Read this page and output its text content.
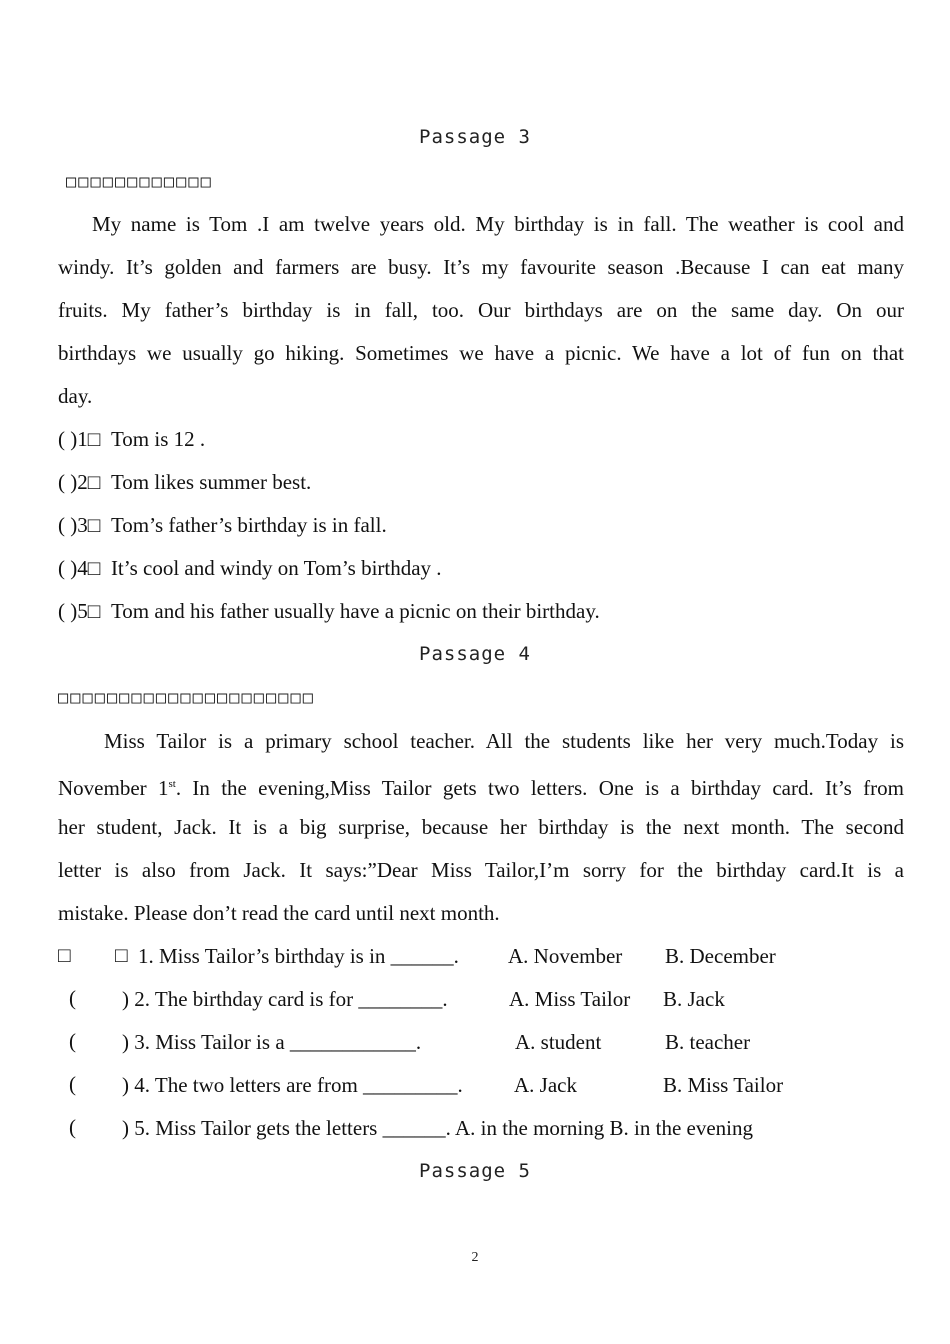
Passage 3
□□□□□□□□□□□□
My name is Tom .I am twelve years old. My birthday is in fall. The weather is cool and
windy. It’s golden and farmers are busy. It’s my favourite season .Because I can eat many
fruits. My father’s birthday is in fall, too. Our birthdays are on the same day. On our
birthdays we usually go hiking. Sometimes we have a picnic. We have a lot of fun on that
day.
( )1□ Tom is 12 .
( )2□ Tom likes summer best.
( )3□ Tom’s father’s birthday is in fall.
( )4□ It’s cool and windy on Tom’s birthday .
( )5□ Tom and his father usually have a picnic on their birthday.
Passage 4
□□□□□□□□□□□□□□□□□□□□□
Miss Tailor is a primary school teacher. All the students like her very much.Today is
November 1st. In the evening,Miss Tailor gets two letters. One is a birthday card. It’s from
her student, Jack. It is a big surprise, because her birthday is the next month. The second
letter is also from Jack. It says:”Dear Miss Tailor,I’m sorry for the birthday card.It is a
mistake. Please don’t read the card until next month.
□ □ 1. Miss Tailor’s birthday is in ______. A. November B. December
( ) 2. The birthday card is for ________.	A. Miss Tailor B. Jack
( ) 3. Miss Tailor is a ____________.	A. student	B. teacher
( ) 4. The two letters are from _________. A. Jack	B. Miss Tailor
( ) 5. Miss Tailor gets the letters ______. A. in the morning B. in the evening
Passage 5
2
